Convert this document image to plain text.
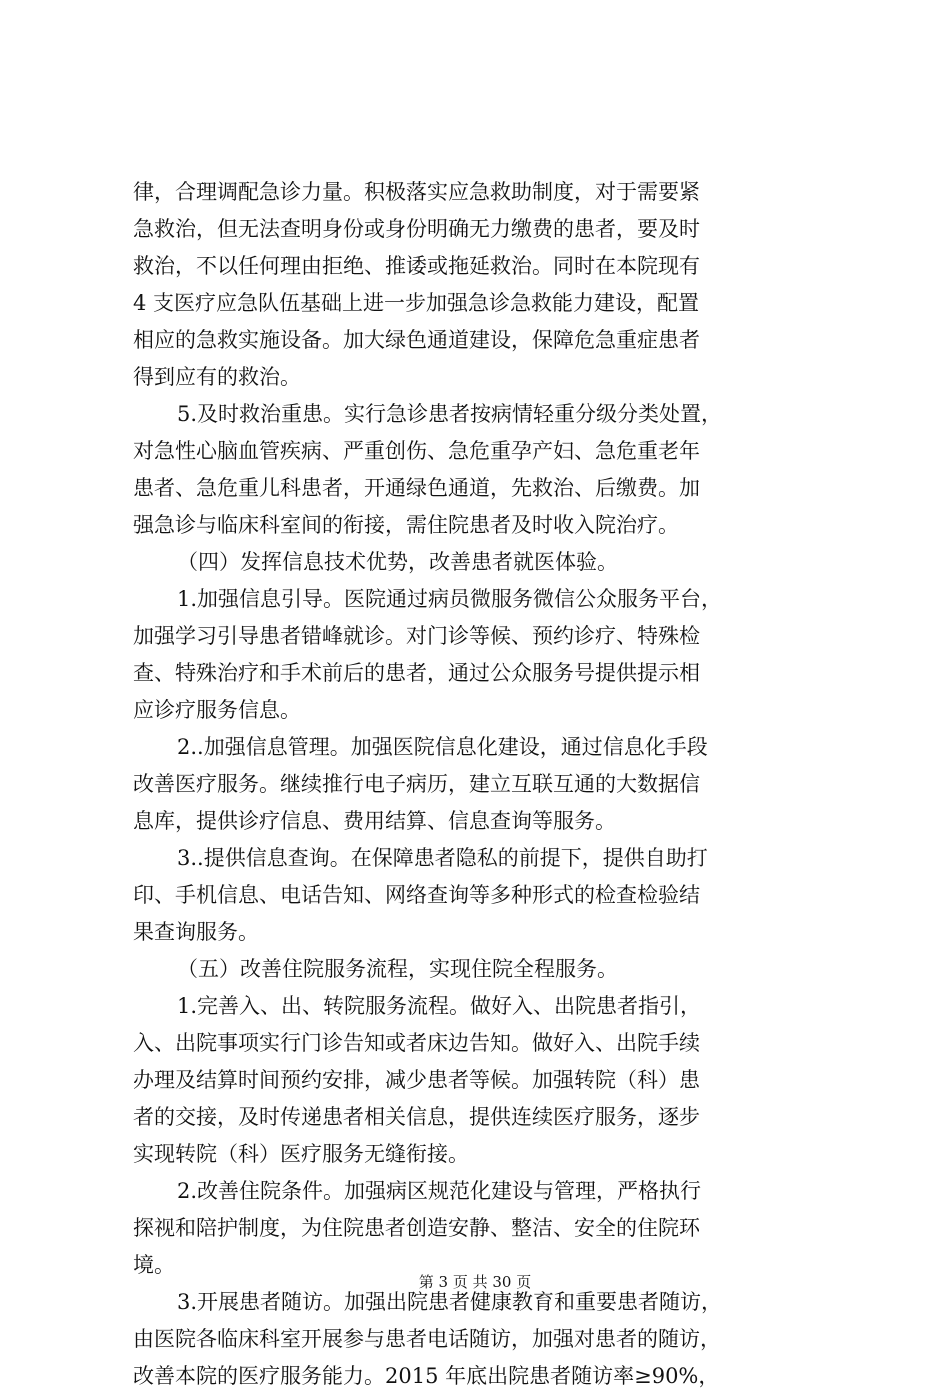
律，合理调配急诊力量。积极落实应急救助制度，对于需要紧
急救治，但无法查明身份或身份明确无力缴费的患者，要及时
救治，不以任何理由拒绝、推诿或拖延救治。同时在本院现有
4 支医疗应急队伍基础上进一步加强急诊急救能力建设，配置
相应的急救实施设备。加大绿色通道建设，保障危急重症患者
得到应有的救治。
5.及时救治重患。实行急诊患者按病情轻重分级分类处置，
对急性心脑血管疾病、严重创伤、急危重孕产妇、急危重老年
患者、急危重儿科患者，开通绿色通道，先救治、后缴费。加
强急诊与临床科室间的衔接，需住院患者及时收入院治疗。
（四）发挥信息技术优势，改善患者就医体验。
1.加强信息引导。医院通过病员微服务微信公众服务平台，
加强学习引导患者错峰就诊。对门诊等候、预约诊疗、特殊检
查、特殊治疗和手术前后的患者，通过公众服务号提供提示相
应诊疗服务信息。
2..加强信息管理。加强医院信息化建设，通过信息化手段
改善医疗服务。继续推行电子病历，建立互联互通的大数据信
息库，提供诊疗信息、费用结算、信息查询等服务。
3..提供信息查询。在保障患者隐私的前提下，提供自助打
印、手机信息、电话告知、网络查询等多种形式的检查检验结
果查询服务。
（五）改善住院服务流程，实现住院全程服务。
1.完善入、出、转院服务流程。做好入、出院患者指引，
入、出院事项实行门诊告知或者床边告知。做好入、出院手续
办理及结算时间预约安排，减少患者等候。加强转院（科）患
者的交接，及时传递患者相关信息，提供连续医疗服务，逐步
实现转院（科）医疗服务无缝衔接。
2.改善住院条件。加强病区规范化建设与管理，严格执行
探视和陪护制度，为住院患者创造安静、整洁、安全的住院环
境。
3.开展患者随访。加强出院患者健康教育和重要患者随访，
由医院各临床科室开展参与患者电话随访，加强对患者的随访，
改善本院的医疗服务能力。2015 年底出院患者随访率≥90%，
第 3 页 共 30 页
